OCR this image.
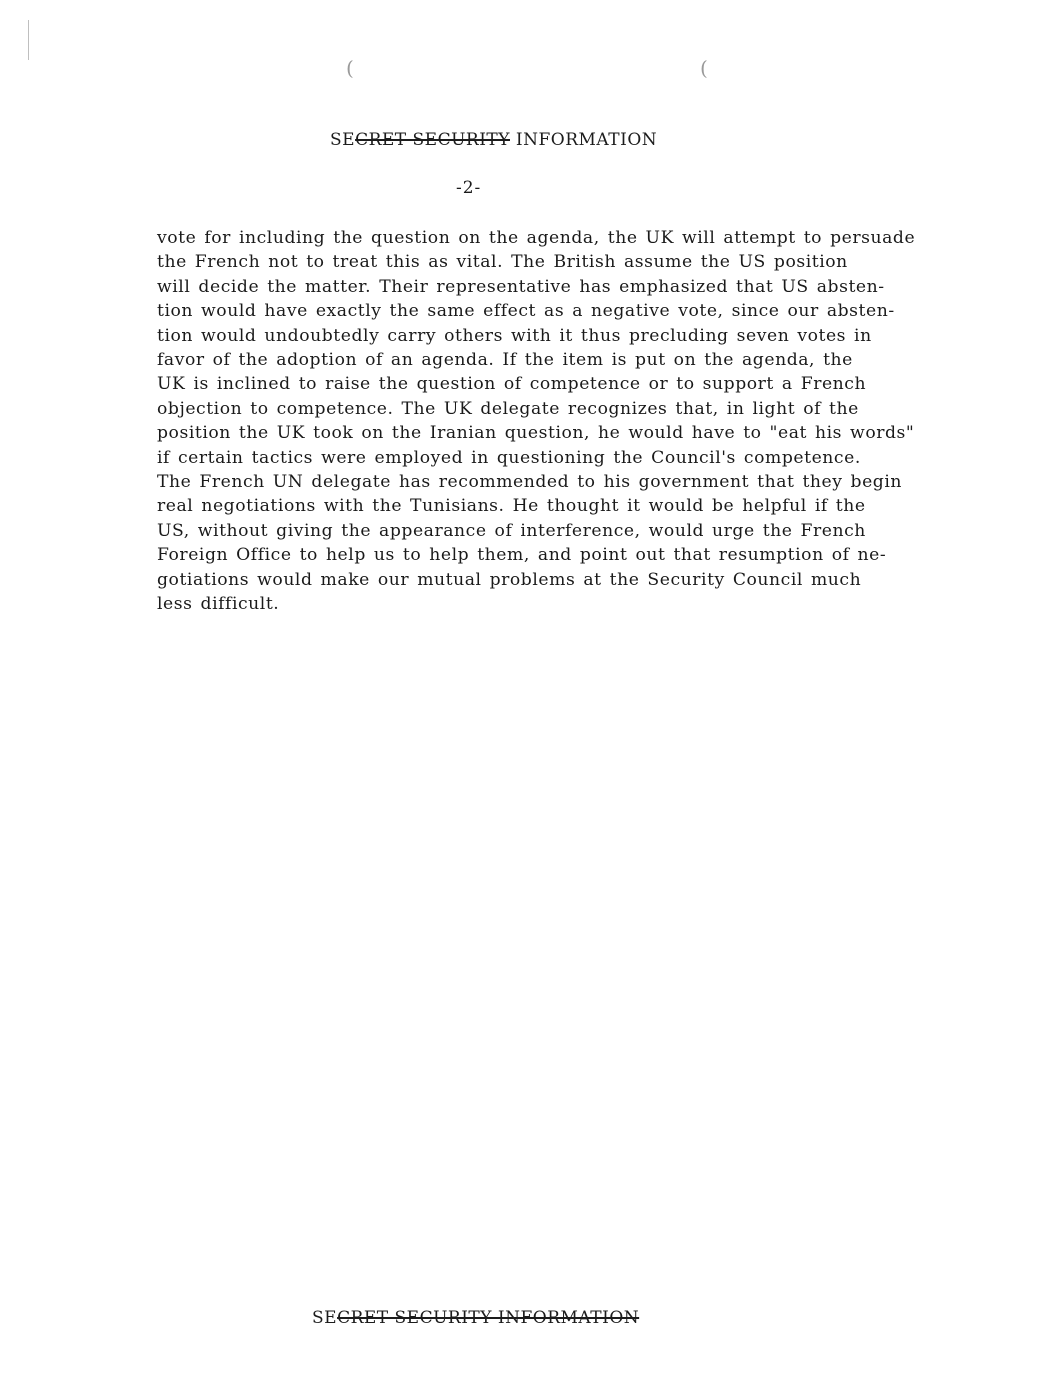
(	(
SECRET SECURITY INFORMATION
-2-
vote for including the question on the agenda, the UK will attempt to persuade
the French not to treat this as vital. The British assume the US position
will decide the matter. Their representative has emphasized that US absten-
tion would have exactly the same effect as a negative vote, since our absten-
tion would undoubtedly carry others with it thus precluding seven votes in
favor of the adoption of an agenda. If the item is put on the agenda, the
UK is inclined to raise the question of competence or to support a French
objection to competence. The UK delegate recognizes that, in light of the
position the UK took on the Iranian question, he would have to "eat his words"
if certain tactics were employed in questioning the Council's competence.
The French UN delegate has recommended to his government that they begin
real negotiations with the Tunisians. He thought it would be helpful if the
US, without giving the appearance of interference, would urge the French
Foreign Office to help us to help them, and point out that resumption of ne-
gotiations would make our mutual problems at the Security Council much
less difficult.
SECRET SECURITY INFORMATION
